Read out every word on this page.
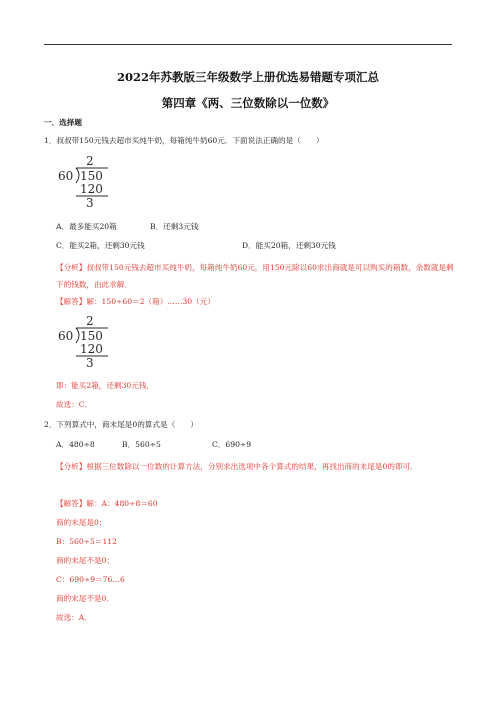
2022年苏教版三年级数学上册优选易错题专项汇总
第四章《两、三位数除以一位数》
一．选择题
1．叔叔带150元钱去超市买纯牛奶，每箱纯牛奶60元．下面说法正确的是（　　）
2
60 150
120
3
A．最多能买20箱	B．还剩3元钱
C．能买2箱，还剩30元钱	D．能买20箱，还剩30元钱
【分析】叔叔带150元钱去超市买纯牛奶，每箱纯牛奶60元，用150元除以60求出商就是可以购买的箱数，余数就是剩下的钱数，由此求解．
【解答】解：150÷60＝2（箱）……30（元）
2
60 150
120
3
即：能买2箱，还剩30元钱．
故选：C．
2．下列算式中，商末尾是0的算式是（　　）
A．480÷8	B．560÷5	C．690÷9
【分析】根据三位数除以一位数的计算方法，分别求出选项中各个算式的结果，再找出商的末尾是0的即可．
【解答】解：A：480÷8＝60
商的末尾是0；
B：560÷5＝112
商的末尾不是0；
C：690÷9＝76…6
商的末尾不是0．
故选：A．
